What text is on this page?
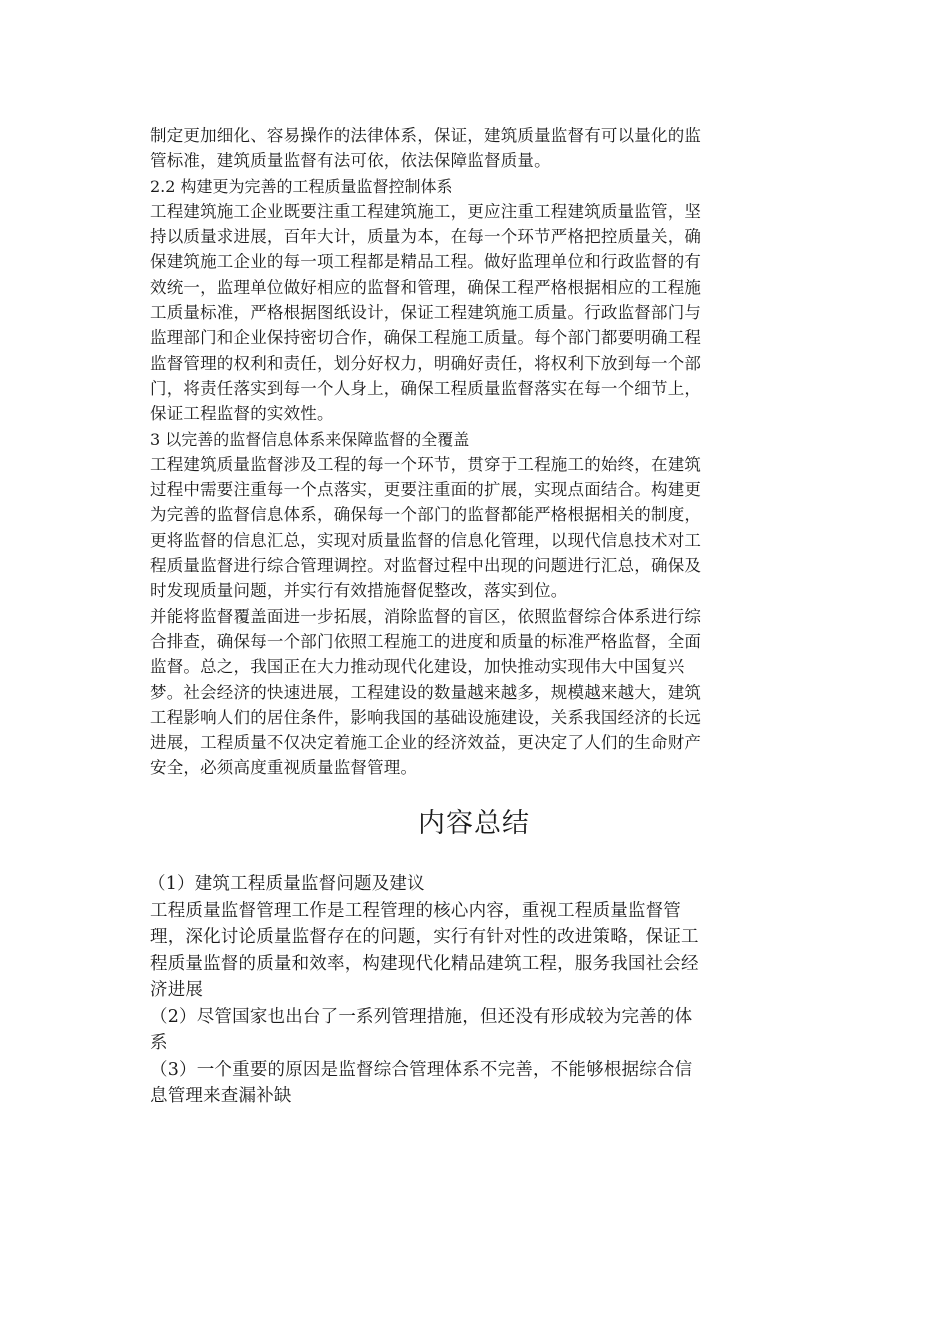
制定更加细化、容易操作的法律体系，保证，建筑质量监督有可以量化的监
管标准，建筑质量监督有法可依，依法保障监督质量。
2.2 构建更为完善的工程质量监督控制体系
工程建筑施工企业既要注重工程建筑施工，更应注重工程建筑质量监管，坚
持以质量求进展，百年大计，质量为本，在每一个环节严格把控质量关，确
保建筑施工企业的每一项工程都是精品工程。做好监理单位和行政监督的有
效统一，监理单位做好相应的监督和管理，确保工程严格根据相应的工程施
工质量标准，严格根据图纸设计，保证工程建筑施工质量。行政监督部门与
监理部门和企业保持密切合作，确保工程施工质量。每个部门都要明确工程
监督管理的权利和责任，划分好权力，明确好责任，将权利下放到每一个部
门，将责任落实到每一个人身上，确保工程质量监督落实在每一个细节上，
保证工程监督的实效性。
3 以完善的监督信息体系来保障监督的全覆盖
工程建筑质量监督涉及工程的每一个环节，贯穿于工程施工的始终，在建筑
过程中需要注重每一个点落实，更要注重面的扩展，实现点面结合。构建更
为完善的监督信息体系，确保每一个部门的监督都能严格根据相关的制度，
更将监督的信息汇总，实现对质量监督的信息化管理，以现代信息技术对工
程质量监督进行综合管理调控。对监督过程中出现的问题进行汇总，确保及
时发现质量问题，并实行有效措施督促整改，落实到位。
并能将监督覆盖面进一步拓展，消除监督的盲区，依照监督综合体系进行综
合排查，确保每一个部门依照工程施工的进度和质量的标准严格监督，全面
监督。总之，我国正在大力推动现代化建设，加快推动实现伟大中国复兴
梦。社会经济的快速进展，工程建设的数量越来越多，规模越来越大，建筑
工程影响人们的居住条件，影响我国的基础设施建设，关系我国经济的长远
进展，工程质量不仅决定着施工企业的经济效益，更决定了人们的生命财产
安全，必须高度重视质量监督管理。
内容总结
（1）建筑工程质量监督问题及建议
工程质量监督管理工作是工程管理的核心内容，重视工程质量监督管
理，深化讨论质量监督存在的问题，实行有针对性的改进策略，保证工
程质量监督的质量和效率，构建现代化精品建筑工程，服务我国社会经
济进展
（2）尽管国家也出台了一系列管理措施，但还没有形成较为完善的体
系
（3）一个重要的原因是监督综合管理体系不完善，不能够根据综合信
息管理来查漏补缺
